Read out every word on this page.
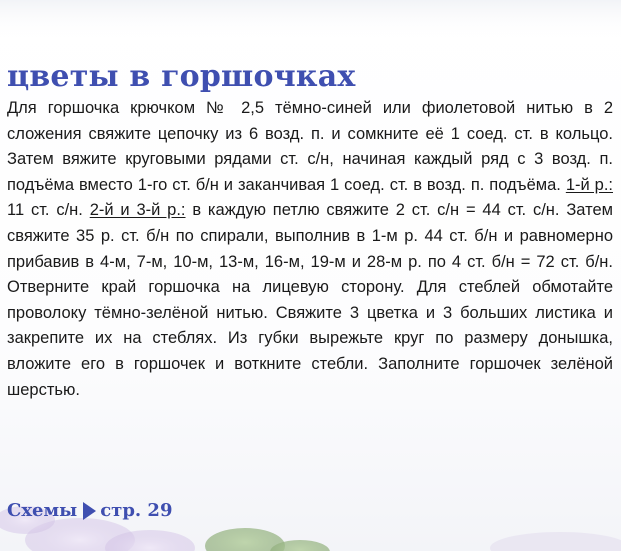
цветы в горшочках

Для горшочка крючком № 2,5 тёмно-синей или фиолетовой нитью в 2 сложения свяжите цепочку из 6 возд. п. и сомкните её 1 соед. ст. в кольцо. Затем вяжите круговыми рядами ст. с/н, начиная каждый ряд с 3 возд. п. подъёма вместо 1-го ст. б/н и заканчивая 1 соед. ст. в возд. п. подъёма. 1-й р.: 11 ст. с/н. 2-й и 3-й р.: в каждую петлю свяжите 2 ст. с/н = 44 ст. с/н. Затем свяжите 35 р. ст. б/н по спирали, выполнив в 1-м р. 44 ст. б/н и равномерно прибавив в 4-м, 7-м, 10-м, 13-м, 16-м, 19-м и 28-м р. по 4 ст. б/н = 72 ст. б/н. Отверните край горшочка на лицевую сторону. Для стеблей обмотайте проволоку тёмно-зелёной нитью. Свяжите 3 цветка и 3 больших листика и закрепите их на стеблях. Из губки вырежьте круг по размеру донышка, вложите его в горшочек и воткните стебли. Заполните горшочек зелёной шерстью.

Схемы стр. 29
